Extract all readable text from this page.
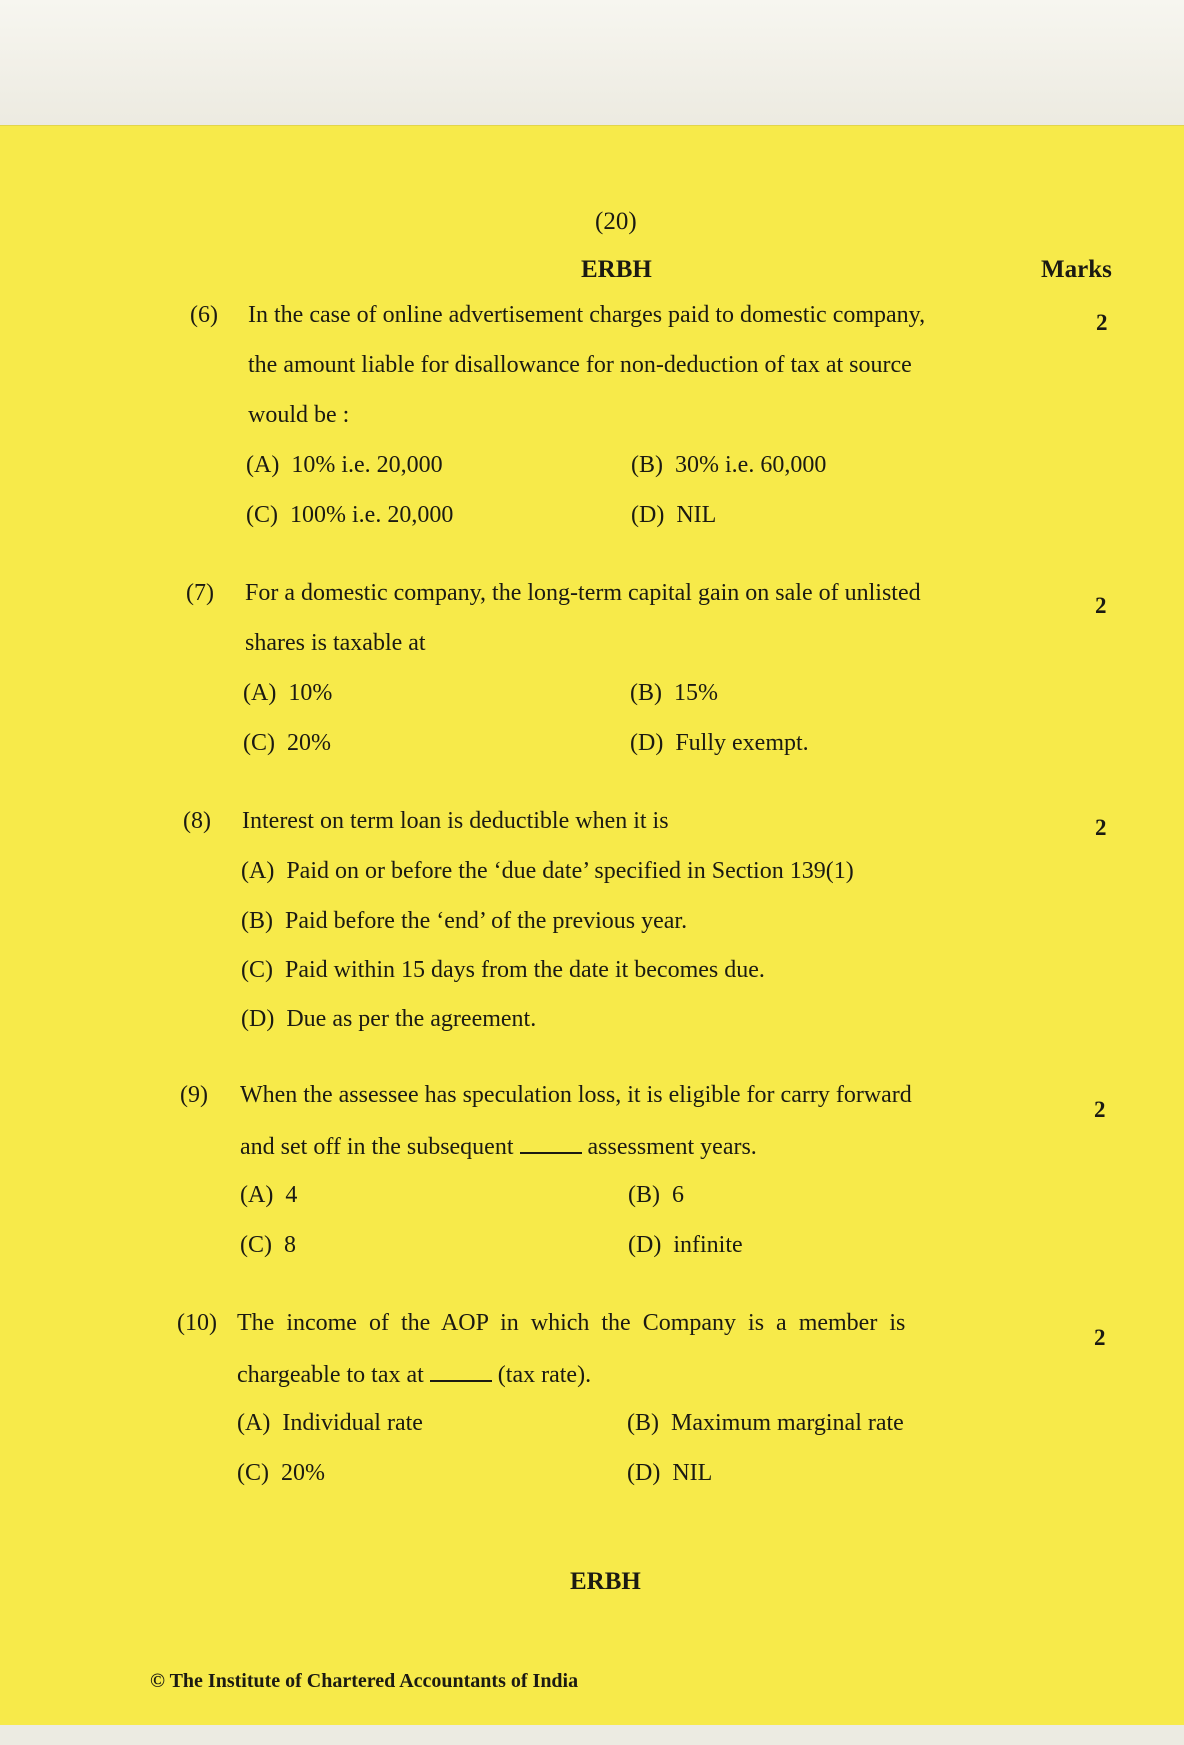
(20)
ERBH	Marks
(6) In the case of online advertisement charges paid to domestic company,
the amount liable for disallowance for non-deduction of tax at source
would be :
(A) 10% i.e. 20,000	(B) 30% i.e. 60,000
(C) 100% i.e. 20,000	(D) NIL
2
(7) For a domestic company, the long-term capital gain on sale of unlisted
shares is taxable at
(A) 10%	(B) 15%
(C) 20%	(D) Fully exempt.
2
(8) Interest on term loan is deductible when it is
(A) Paid on or before the ‘due date’ specified in Section 139(1)
(B) Paid before the ‘end’ of the previous year.
(C) Paid within 15 days from the date it becomes due.
(D) Due as per the agreement.
2
(9) When the assessee has speculation loss, it is eligible for carry forward
and set off in the subsequent	assessment years.
(A) 4	(B) 6
(C) 8	(D) infinite
2
(10) The income of the AOP in which the Company is a member is
chargeable to tax at	(tax rate).
(A) Individual rate	(B) Maximum marginal rate
(C) 20%	(D) NIL
2
ERBH
© The Institute of Chartered Accountants of India
